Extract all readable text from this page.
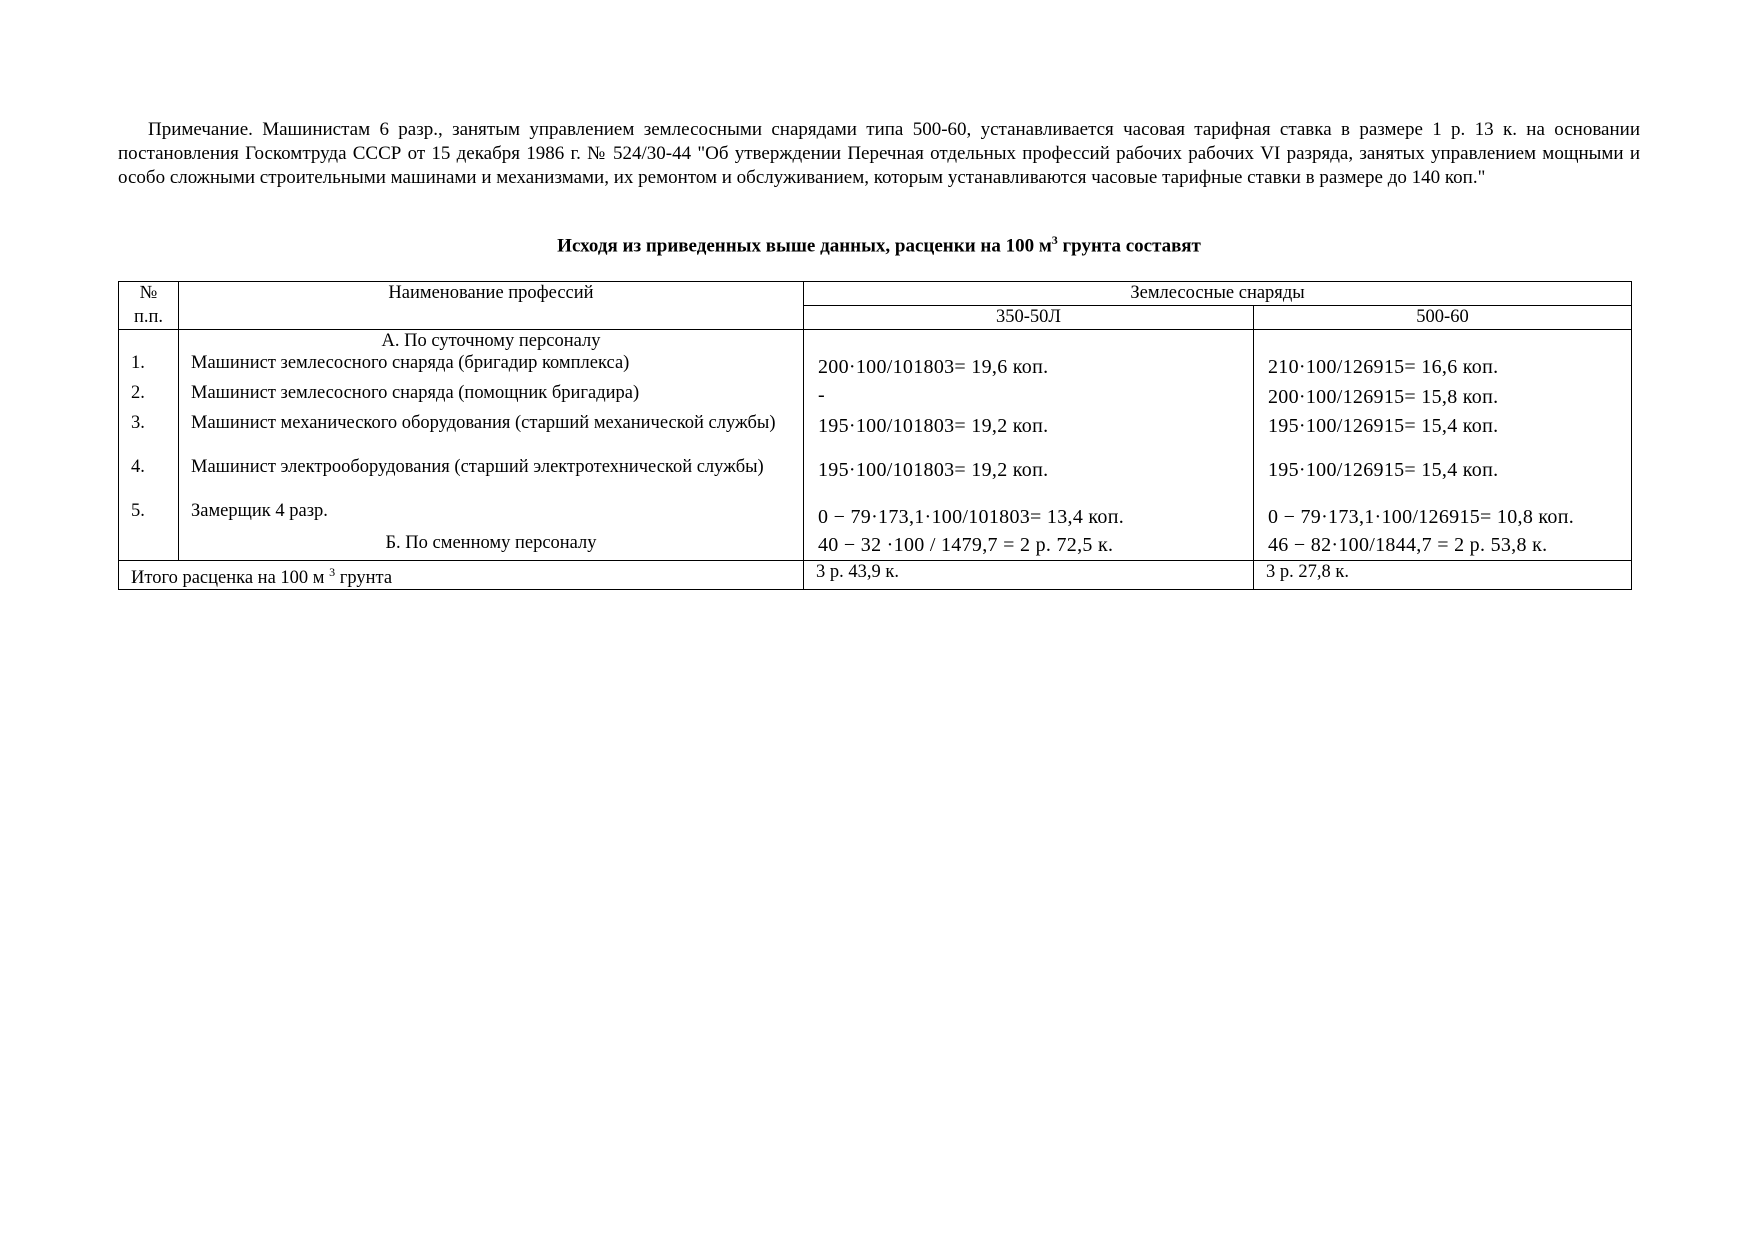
Примечание. Машинистам 6 разр., занятым управлением землесосными снарядами типа 500-60, устанавливается часовая тарифная ставка в размере 1 р. 13 к. на основании постановления Госкомтруда СССР от 15 декабря 1986 г. № 524/30-44 "Об утверждении Перечная отдельных профессий рабочих рабочих VI разряда, занятых управлением мощными и особо сложными строительными машинами и механизмами, их ремонтом и обслуживанием, которым устанавливаются часовые тарифные ставки в размере до 140 коп."

Исходя из приведенных выше данных, расценки на 100 $м^3$ грунта составят
№	Наименование профессий	Землесосные снаряды	
п.п.		350-50Л	500-60
	А. По суточному персоналу		
1.	Машинист землесосного снаряда (бригадир комплекса)	200·100/101803= 19,6 коп.	210·100/126915= 16,6 коп.
2.	Машинист землесосного снаряда (помощник бригадира)	-	200·100/126915= 15,8 коп.
3.	Машинист механического оборудования (старший механической службы)	195·100/101803= 19,2 коп.	195·100/126915= 15,4 коп.
4.	Машинист электрооборудования (старший электротехнической службы)	195·100/101803= 19,2 коп.	195·100/126915= 15,4 коп.
5.	Замерщик 4 разр.	0 − 79·173,1·100/101803= 13,4 коп.	0 − 79·173,1·100/126915= 10,8 коп.
	Б. По сменному персоналу	40 − 32 ·100 / 1479,7 = 2 р. 72,5 к.	46 − 82·100/1844,7 = 2 р. 53,8 к.
Итого расценка на 100 м $^3$ грунта		3 р. 43,9 к.	3 р. 27,8 к.
